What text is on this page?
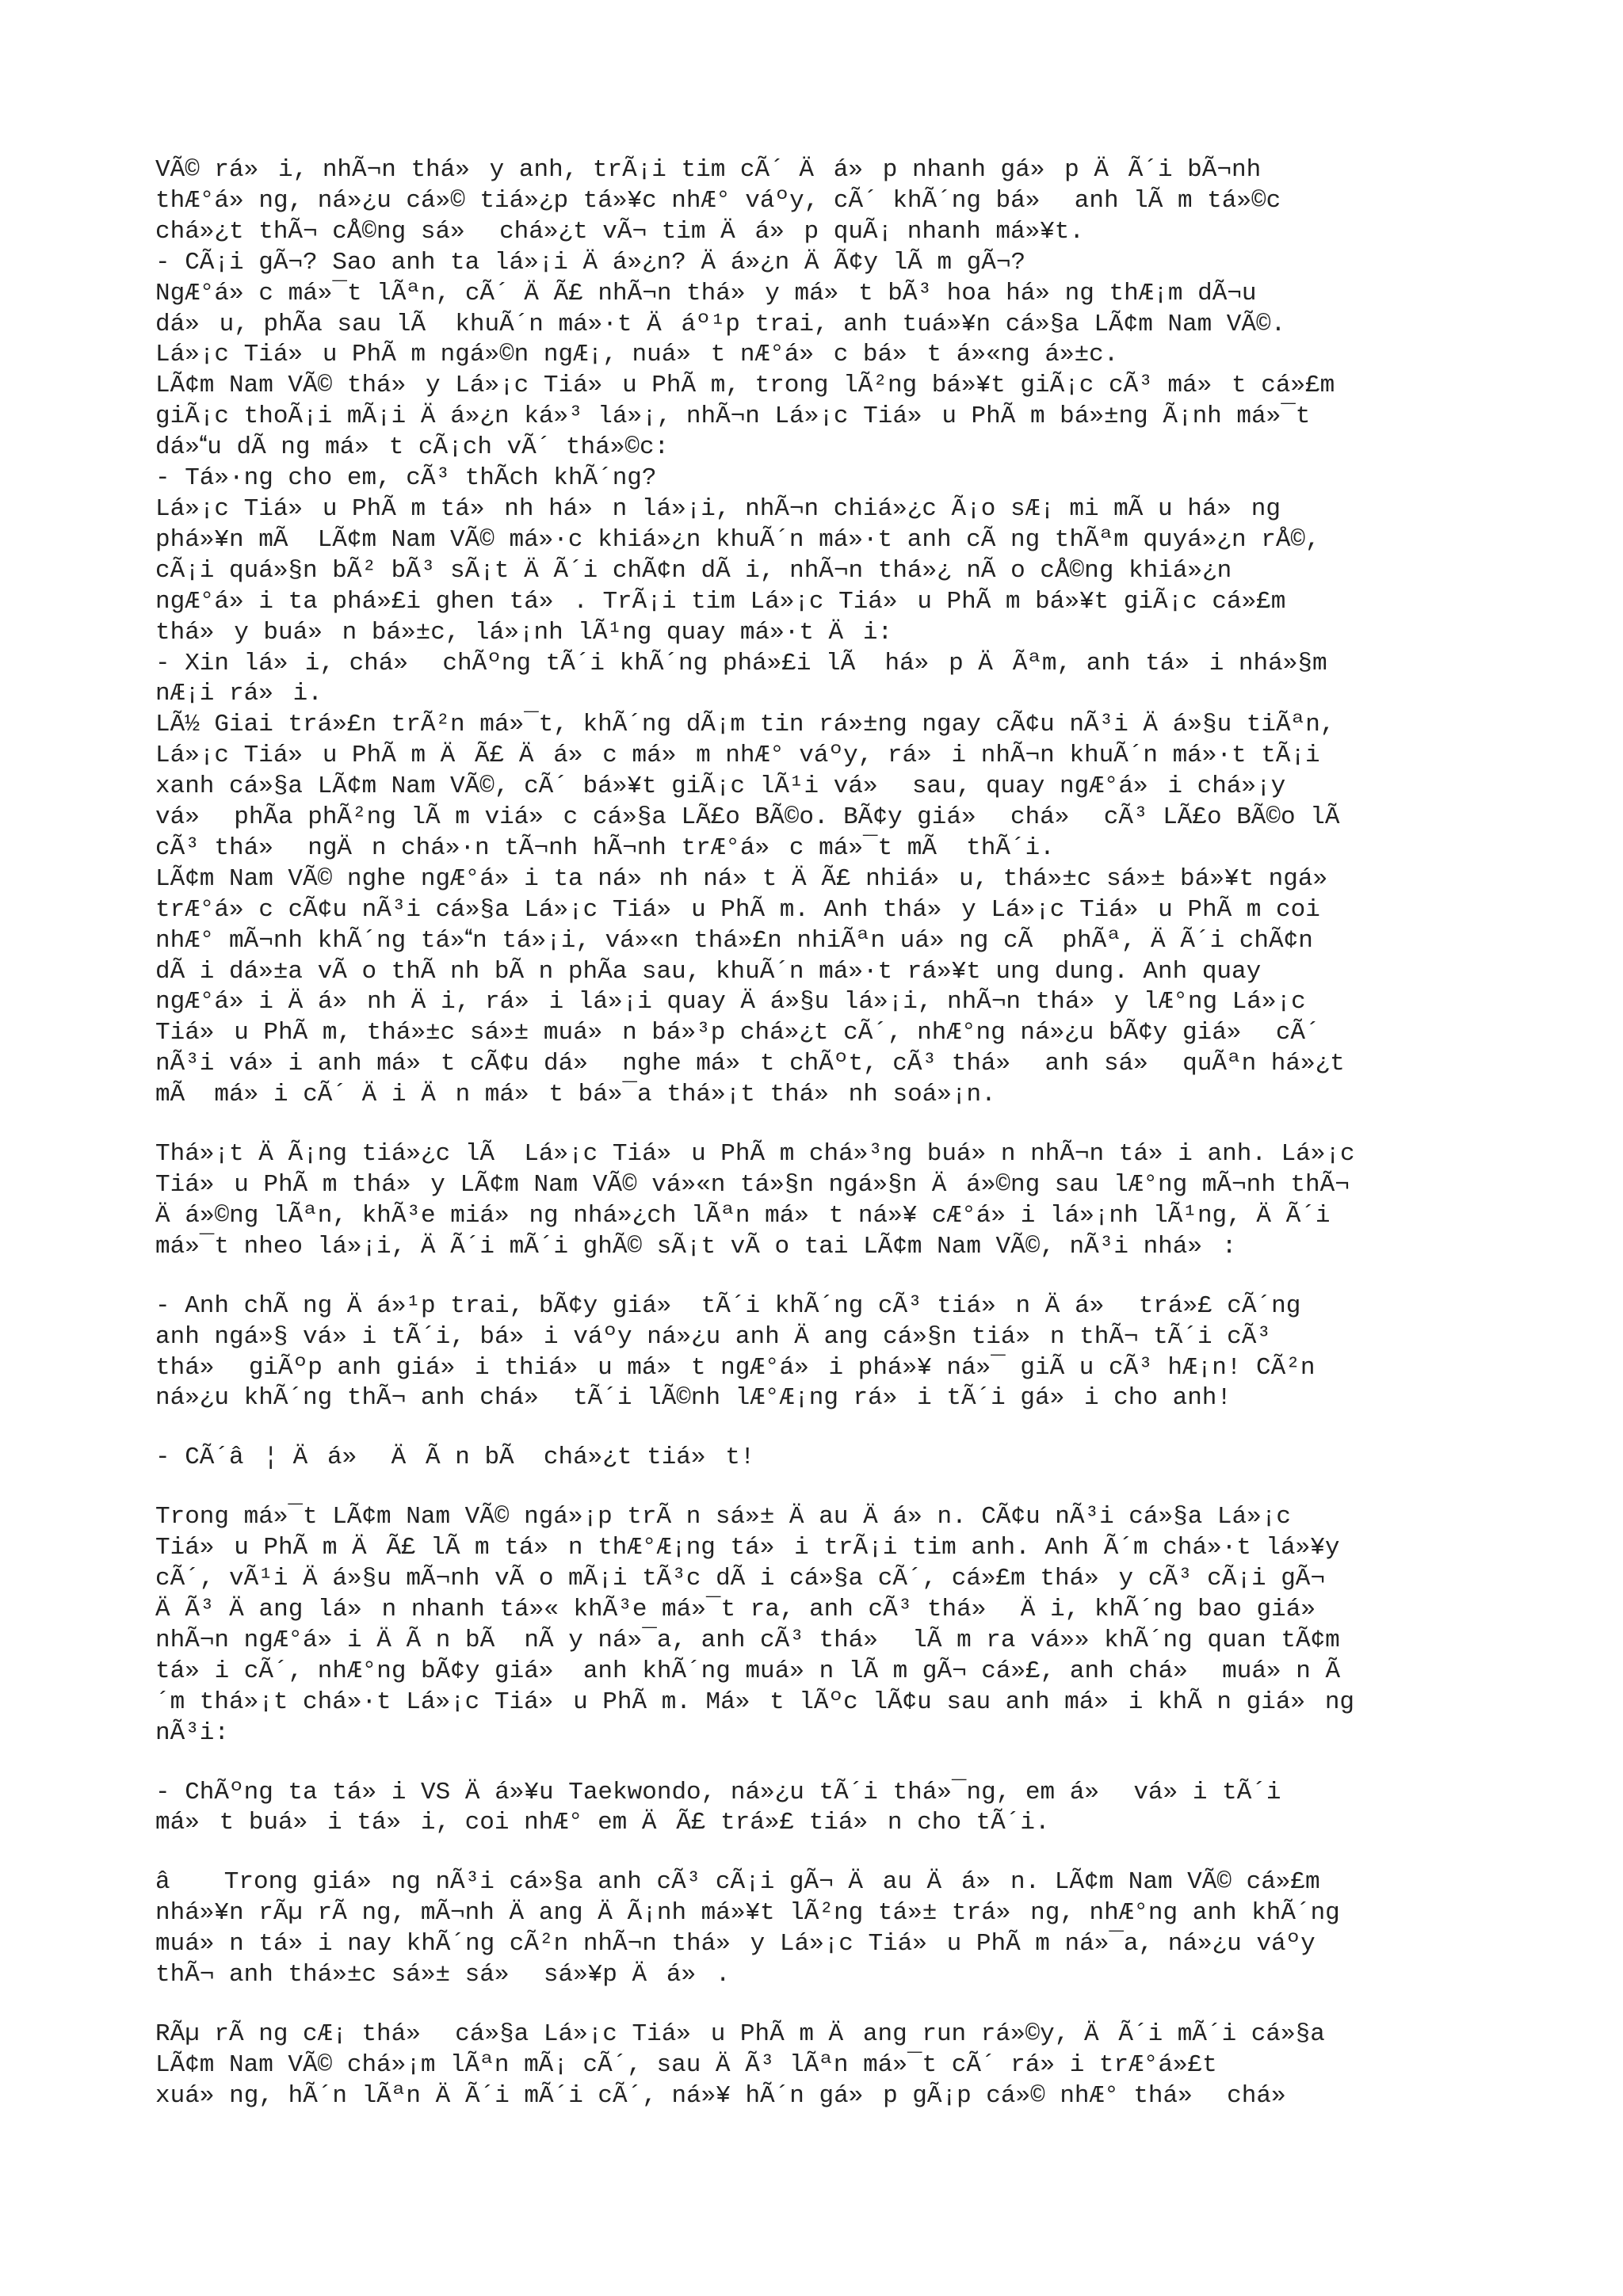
VÃ© rá»i, nhÃ¬n thá»y anh, trÃ¡i tim cÃ´ Äá»p nhanh gá»p ÄÃ´i bÃ¬nh
thÆ°á»ng, ná»¿u cá»© tiá»¿p tá»¥c nhÆ° váºy, cÃ´ khÃ´ng bá» anh lÃ m tá»©c
chá»¿t thÃ¬ cÅ©ng sá» chá»¿t vÃ¬ tim Äá»p quÃ¡ nhanh má»¥t.
- CÃ¡i gÃ¬? Sao anh ta lá»¡i Äá»¿n? Äá»¿n ÄÃ¢y lÃ m gÃ¬?
NgÆ°á»c má»¯t lÃªn, cÃ´ ÄÃ£ nhÃ¬n thá»y má»t bÃ³ hoa há»ng thÆ¡m dÃ¬u
dá»u, phÃa sau lÃ  khuÃ´n má»·t Äáº¹p trai, anh tuá»¥n cá»§a LÃ¢m Nam VÃ©.
Lá»¡c Tiá»u PhÃ m ngá»©n ngÆ¡, nuá»t nÆ°á»c bá»t á»«ng á»±c.
LÃ¢m Nam VÃ© thá»y Lá»¡c Tiá»u PhÃ m, trong lÃ²ng bá»¥t giÃ¡c cÃ³ má»t cá»£m
giÃ¡c thoÃ¡i mÃ¡i Äá»¿n ká»³ lá»¡, nhÃ¬n Lá»¡c Tiá»u PhÃ m bá»±ng Ã¡nh má»¯t
dá»u dÃ ng má»t cÃ¡ch vÃ´ thá»©c:
- Tá»·ng cho em, cÃ³ thÃch khÃ´ng?
Lá»¡c Tiá»u PhÃ m tá»nh há»n lá»¡i, nhÃ¬n chiá»¿c Ã¡o sÆ¡ mi mÃ u há»ng
phá»¥n mÃ  LÃ¢m Nam VÃ© má»·c khiá»¿n khuÃ´n má»·t anh cÃ ng thÃªm quyá»¿n rÅ©,
cÃ¡i quá»§n bÃ² bÃ³ sÃ¡t ÄÃ´i chÃ¢n dÃ i, nhÃ¬n thá»¿ nÃ o cÅ©ng khiá»¿n
ngÆ°á»i ta phá»£i ghen tá». TrÃ¡i tim Lá»¡c Tiá»u PhÃ m bá»¥t giÃ¡c cá»£m
thá»y buá»n bá»±c, lá»¡nh lÃ¹ng quay má»·t Äi:
- Xin lá»i, chá» chÃºng tÃ´i khÃ´ng phá»£i lÃ  há»p ÄÃªm, anh tá»i nhá»§m
nÆ¡i rá»i.
LÃ½ Giai trá»£n trÃ²n má»¯t, khÃ´ng dÃ¡m tin rá»±ng ngay cÃ¢u nÃ³i Äá»§u tiÃªn,
Lá»¡c Tiá»u PhÃ m ÄÃ£ Äá»c má»m nhÆ° váºy, rá»i nhÃ¬n khuÃ´n má»·t tÃ¡i
xanh cá»§a LÃ¢m Nam VÃ©, cÃ´ bá»¥t giÃ¡c lÃ¹i vá» sau, quay ngÆ°á»i chá»¡y
vá» phÃa phÃ²ng lÃ m viá»c cá»§a LÃ£o BÃ©o. BÃ¢y giá» chá» cÃ³ LÃ£o BÃ©o lÃ
cÃ³ thá» ngÄn chá»·n tÃ¬nh hÃ¬nh trÆ°á»c má»¯t mÃ  thÃ´i.
LÃ¢m Nam VÃ© nghe ngÆ°á»i ta ná»nh ná»t ÄÃ£ nhiá»u, thá»±c sá»± bá»¥t ngá»
trÆ°á»c cÃ¢u nÃ³i cá»§a Lá»¡c Tiá»u PhÃ m. Anh thá»y Lá»¡c Tiá»u PhÃ m coi
nhÆ° mÃ¬nh khÃ´ng tá»n tá»¡i, vá»«n thá»£n nhiÃªn uá»ng cÃ  phÃª, ÄÃ´i chÃ¢n
dÃ i dá»±a vÃ o thÃ nh bÃ n phÃa sau, khuÃ´n má»·t rá»¥t ung dung. Anh quay
ngÆ°á»i Äá»nh Äi, rá»i lá»¡i quay Äá»§u lá»¡i, nhÃ¬n thá»y lÆ°ng Lá»¡c
Tiá»u PhÃ m, thá»±c sá»± muá»n bá»³p chá»¿t cÃ´, nhÆ°ng ná»¿u bÃ¢y giá» cÃ´
nÃ³i vá»i anh má»t cÃ¢u dá» nghe má»t chÃºt, cÃ³ thá» anh sá» quÃªn há»¿t
mÃ  má»i cÃ´ Äi Än má»t bá»¯a thá»¡t thá»nh soá»¡n.

Thá»¡t ÄÃ¡ng tiá»¿c lÃ  Lá»¡c Tiá»u PhÃ m chá»³ng buá»n nhÃ¬n tá»i anh. Lá»¡c
Tiá»u PhÃ m thá»y LÃ¢m Nam VÃ© vá»«n tá»§n ngá»§n Äá»©ng sau lÆ°ng mÃ¬nh thÃ¬
Äá»©ng lÃªn, khÃ³e miá»ng nhá»¿ch lÃªn má»t ná»¥ cÆ°á»i lá»¡nh lÃ¹ng, ÄÃ´i
má»¯t nheo lá»¡i, ÄÃ´i mÃ´i ghÃ© sÃ¡t vÃ o tai LÃ¢m Nam VÃ©, nÃ³i nhá»:

- Anh chÃ ng Äá»¹p trai, bÃ¢y giá» tÃ´i khÃ´ng cÃ³ tiá»n Äá» trá»£ cÃ´ng
anh ngá»§ vá»i tÃ´i, bá»i váºy ná»¿u anh Äang cá»§n tiá»n thÃ¬ tÃ´i cÃ³
thá» giÃºp anh giá»i thiá»u má»t ngÆ°á»i phá»¥ ná»¯ giÃ u cÃ³ hÆ¡n! CÃ²n
ná»¿u khÃ´ng thÃ¬ anh chá» tÃ´i lÃ©nh lÆ°Æ¡ng rá»i tÃ´i gá»i cho anh!

- CÃ´â¦ Äá» ÄÃ n bÃ  chá»¿t tiá»t!

Trong má»¯t LÃ¢m Nam VÃ© ngá»¡p trÃ n sá»± Äau Äá»n. CÃ¢u nÃ³i cá»§a Lá»¡c
Tiá»u PhÃ m ÄÃ£ lÃ m tá»n thÆ°Æ¡ng tá»i trÃ¡i tim anh. Anh Ã´m chá»·t lá»¥y
cÃ´, vÃ¹i Äá»§u mÃ¬nh vÃ o mÃ¡i tÃ³c dÃ i cá»§a cÃ´, cá»£m thá»y cÃ³ cÃ¡i gÃ¬
ÄÃ³ Äang lá»n nhanh tá»« khÃ³e má»¯t ra, anh cÃ³ thá» Äi, khÃ´ng bao giá»
nhÃ¬n ngÆ°á»i ÄÃ n bÃ  nÃ y ná»¯a, anh cÃ³ thá» lÃ m ra vá»» khÃ´ng quan tÃ¢m
tá»i cÃ´, nhÆ°ng bÃ¢y giá» anh khÃ´ng muá»n lÃ m gÃ¬ cá»£, anh chá» muá»n Ã
´m thá»¡t chá»·t Lá»¡c Tiá»u PhÃ m. Má»t lÃºc lÃ¢u sau anh má»i khÃ n giá»ng
nÃ³i:

- ChÃºng ta tá»i VS Äá»¥u Taekwondo, ná»¿u tÃ´i thá»¯ng, em á» vá»i tÃ´i
má»t buá»i tá»i, coi nhÆ° em ÄÃ£ trá»£ tiá»n cho tÃ´i.

â Trong giá»ng nÃ³i cá»§a anh cÃ³ cÃ¡i gÃ¬ Äau Äá»n. LÃ¢m Nam VÃ© cá»£m
nhá»¥n rÃµ rÃ ng, mÃ¬nh Äang ÄÃ¡nh má»¥t lÃ²ng tá»± trá»ng, nhÆ°ng anh khÃ´ng
muá»n tá»i nay khÃ´ng cÃ²n nhÃ¬n thá»y Lá»¡c Tiá»u PhÃ m ná»¯a, ná»¿u váºy
thÃ¬ anh thá»±c sá»± sá» sá»¥p Äá».

RÃµ rÃ ng cÆ¡ thá» cá»§a Lá»¡c Tiá»u PhÃ m Äang run rá»©y, ÄÃ´i mÃ´i cá»§a
LÃ¢m Nam VÃ© chá»¡m lÃªn mÃ¡ cÃ´, sau ÄÃ³ lÃªn má»¯t cÃ´ rá»i trÆ°á»£t
xuá»ng, hÃ´n lÃªn ÄÃ´i mÃ´i cÃ´, ná»¥ hÃ´n gá»p gÃ¡p cá»© nhÆ° thá» chá»
